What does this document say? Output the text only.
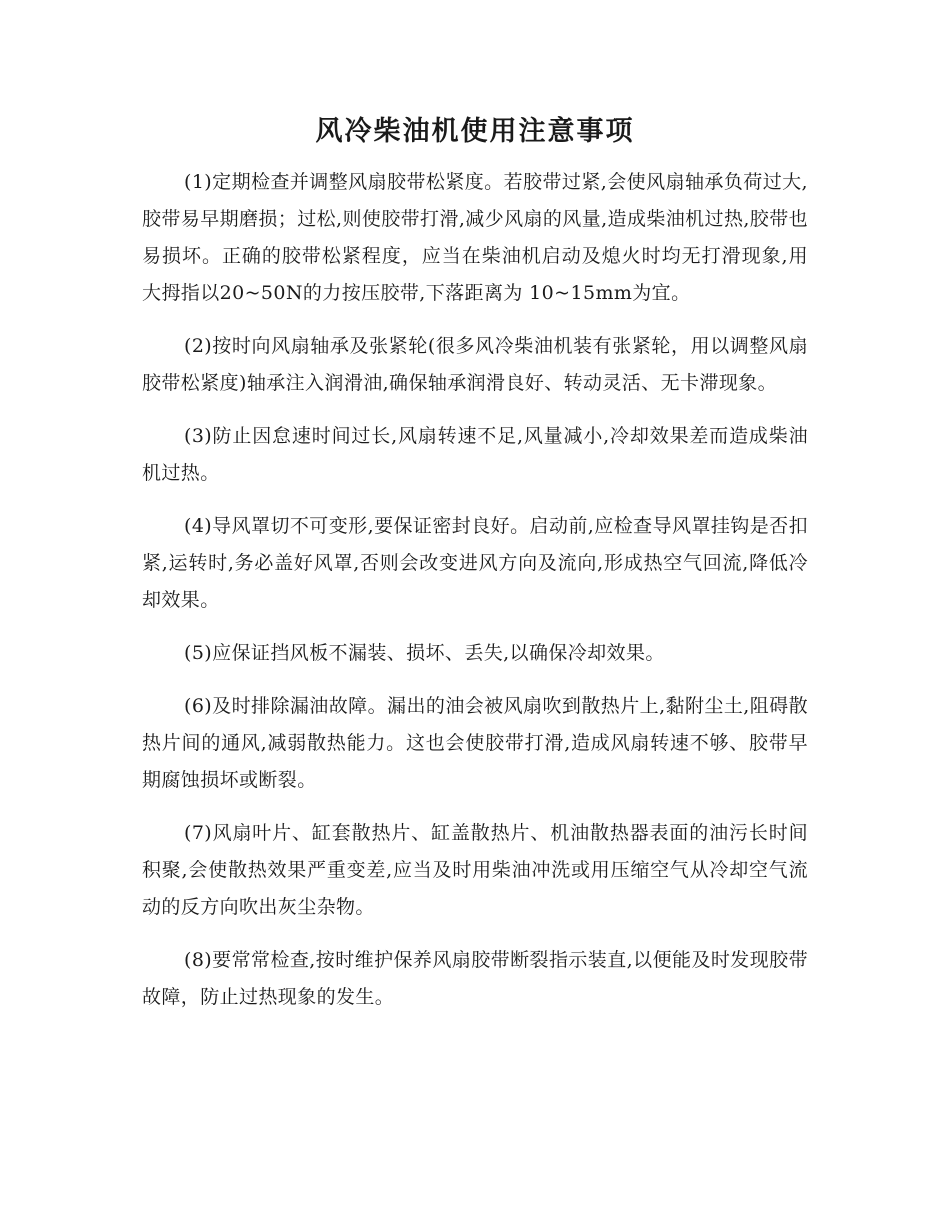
风冷柴油机使用注意事项

(1)定期检查并调整风扇胶带松紧度。若胶带过紧,会使风扇轴承负荷过大,胶带易早期磨损；过松,则使胶带打滑,减少风扇的风量,造成柴油机过热,胶带也易损坏。正确的胶带松紧程度，应当在柴油机启动及熄火时均无打滑现象,用大拇指以20~50N的力按压胶带,下落距离为 10~15mm为宜。

(2)按时向风扇轴承及张紧轮(很多风冷柴油机装有张紧轮，用以调整风扇胶带松紧度)轴承注入润滑油,确保轴承润滑良好、转动灵活、无卡滞现象。

(3)防止因怠速时间过长,风扇转速不足,风量减小,冷却效果差而造成柴油机过热。

(4)导风罩切不可变形,要保证密封良好。启动前,应检查导风罩挂钩是否扣紧,运转时,务必盖好风罩,否则会改变进风方向及流向,形成热空气回流,降低冷却效果。

(5)应保证挡风板不漏装、损坏、丢失,以确保冷却效果。

(6)及时排除漏油故障。漏出的油会被风扇吹到散热片上,黏附尘土,阻碍散热片间的通风,减弱散热能力。这也会使胶带打滑,造成风扇转速不够、胶带早期腐蚀损坏或断裂。

(7)风扇叶片、缸套散热片、缸盖散热片、机油散热器表面的油污长时间积聚,会使散热效果严重变差,应当及时用柴油冲洗或用压缩空气从冷却空气流动的反方向吹出灰尘杂物。

(8)要常常检查,按时维护保养风扇胶带断裂指示装直,以便能及时发现胶带故障，防止过热现象的发生。
